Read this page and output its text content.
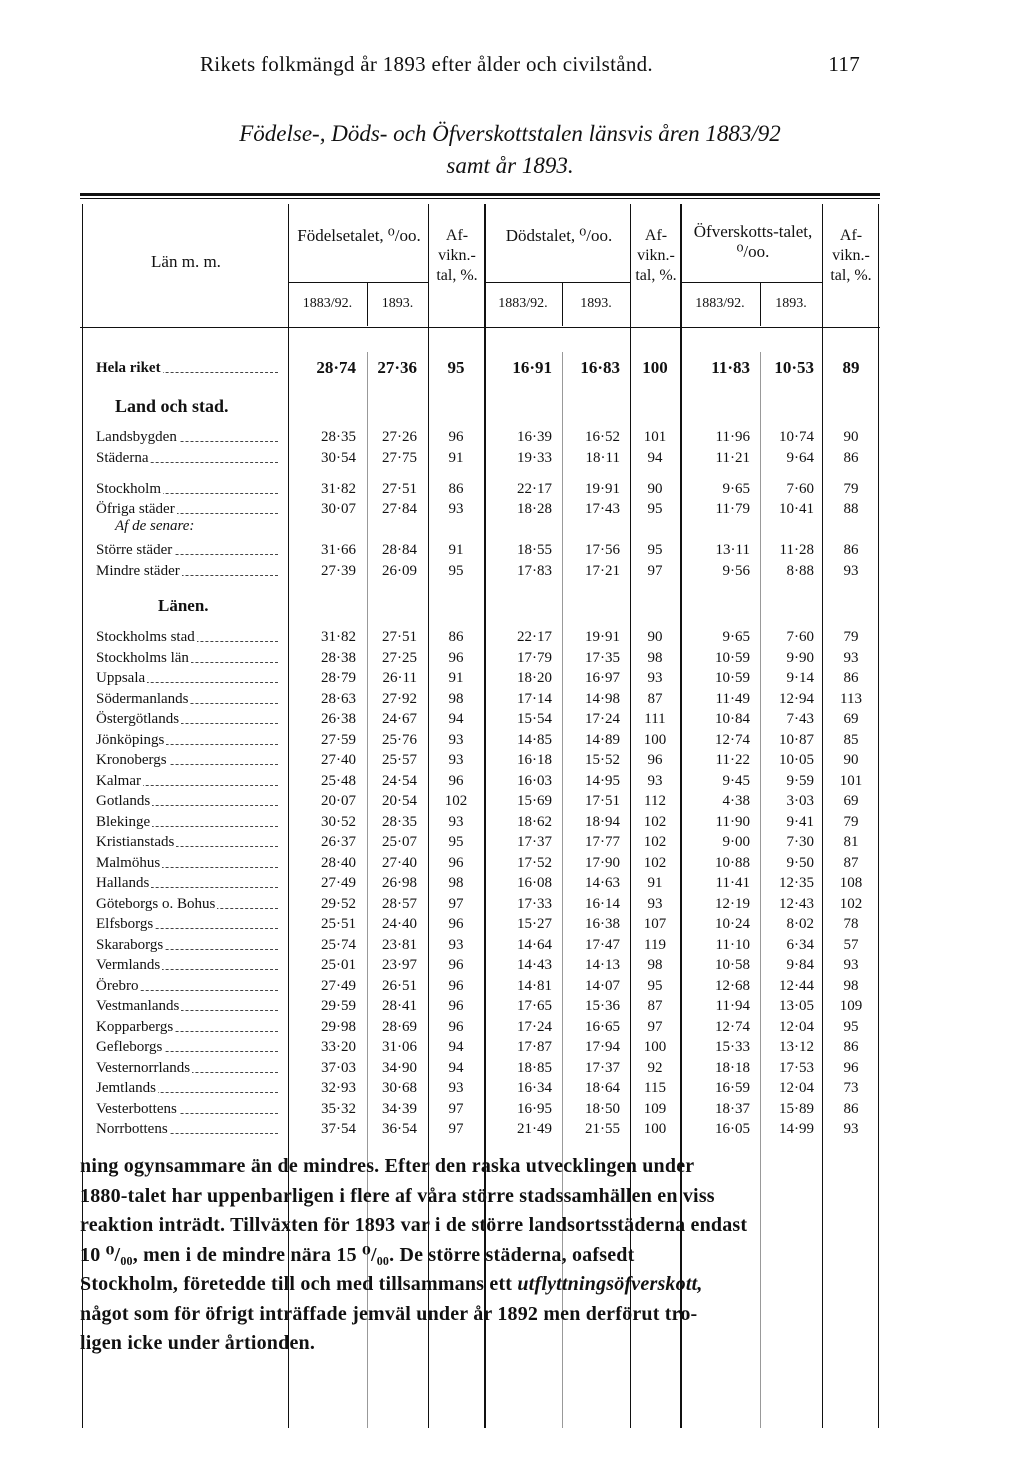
Rikets folkmängd år 1893 efter ålder och civilstånd.	117
Födelse-, Döds- och Öfverskottstalen länsvis åren 1883/92
samt år 1893.
Län m. m.
Födelsetalet, ⁰/oo.	Af-vikn.-tal, %.
Dödstalet, ⁰/oo.	Af-vikn.-tal, %.
Öfverskotts-talet, ⁰/oo.
Af-vikn.-tal, %.
1883/92.	1893.	1883/92.	1893.	1883/92.	1893.
Land och stad.
Af de senare:
Länen.
Hela riket	28·74	27·36	95	16·91	16·83	100	11·83	10·53	89
Landsbygden	28·35	27·26	96	16·39	16·52	101	11·96	10·74	90
Städerna	30·54	27·75	91	19·33	18·11	94	11·21	9·64	86
Stockholm	31·82	27·51	86	22·17	19·91	90	9·65	7·60	79
Öfriga städer	30·07	27·84	93	18·28	17·43	95	11·79	10·41	88
Större städer	31·66	28·84	91	18·55	17·56	95	13·11	11·28	86
Mindre städer	27·39	26·09	95	17·83	17·21	97	9·56	8·88	93
Stockholms stad	31·82	27·51	86	22·17	19·91	90	9·65	7·60	79
Stockholms län	28·38	27·25	96	17·79	17·35	98	10·59	9·90	93
Uppsala	28·79	26·11	91	18·20	16·97	93	10·59	9·14	86
Södermanlands	28·63	27·92	98	17·14	14·98	87	11·49	12·94	113
Östergötlands	26·38	24·67	94	15·54	17·24	111	10·84	7·43	69
Jönköpings	27·59	25·76	93	14·85	14·89	100	12·74	10·87	85
Kronobergs	27·40	25·57	93	16·18	15·52	96	11·22	10·05	90
Kalmar	25·48	24·54	96	16·03	14·95	93	9·45	9·59	101
Gotlands	20·07	20·54	102	15·69	17·51	112	4·38	3·03	69
Blekinge	30·52	28·35	93	18·62	18·94	102	11·90	9·41	79
Kristianstads	26·37	25·07	95	17·37	17·77	102	9·00	7·30	81
Malmöhus	28·40	27·40	96	17·52	17·90	102	10·88	9·50	87
Hallands	27·49	26·98	98	16·08	14·63	91	11·41	12·35	108
Göteborgs o. Bohus	29·52	28·57	97	17·33	16·14	93	12·19	12·43	102
Elfsborgs	25·51	24·40	96	15·27	16·38	107	10·24	8·02	78
Skaraborgs	25·74	23·81	93	14·64	17·47	119	11·10	6·34	57
Vermlands	25·01	23·97	96	14·43	14·13	98	10·58	9·84	93
Örebro	27·49	26·51	96	14·81	14·07	95	12·68	12·44	98
Vestmanlands	29·59	28·41	96	17·65	15·36	87	11·94	13·05	109
Kopparbergs	29·98	28·69	96	17·24	16·65	97	12·74	12·04	95
Gefleborgs	33·20	31·06	94	17·87	17·94	100	15·33	13·12	86
Vesternorrlands	37·03	34·90	94	18·85	17·37	92	18·18	17·53	96
Jemtlands	32·93	30·68	93	16·34	18·64	115	16·59	12·04	73
Vesterbottens	35·32	34·39	97	16·95	18·50	109	18·37	15·89	86
Norrbottens	37·54	36·54	97	21·49	21·55	100	16·05	14·99	93

ning ogynsammare än de mindres. Efter den raska utvecklingen under

1880-talet har uppenbarligen i flere af våra större stadssamhällen en viss

reaktion inträdt. Tillväxten för 1893 var i de större landsortsstäderna endast

10 ⁰/₀₀, men i de mindre nära 15 ⁰/₀₀. De större städerna, oafsedt

Stockholm, företedde till och med tillsammans ett utflyttningsöfverskott,

något som för öfrigt inträffade jemväl under år 1892 men derförut tro-

ligen icke under årtionden.
